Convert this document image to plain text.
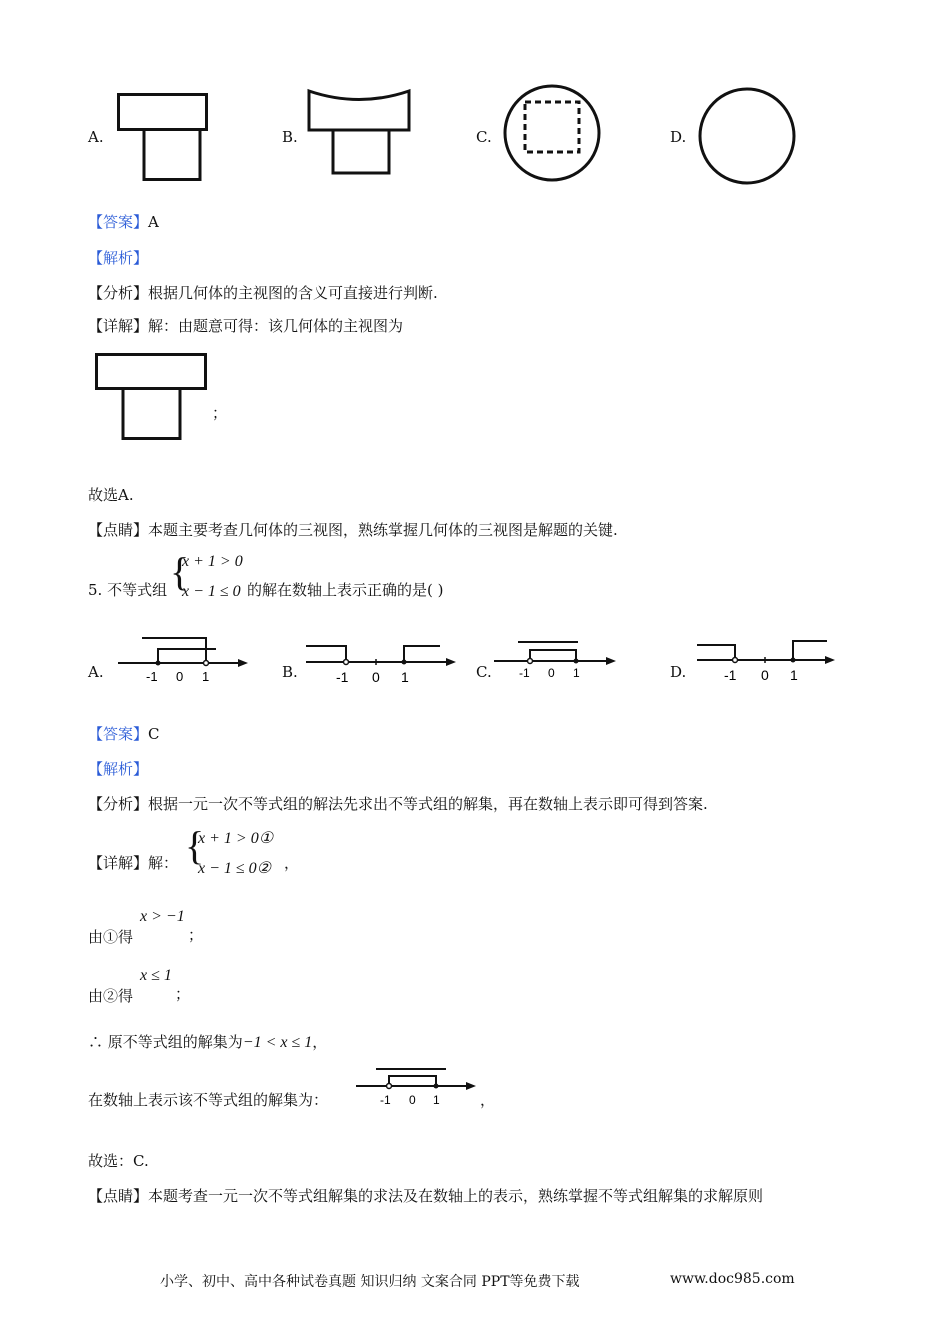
A.	B.	C.	D.
【答案】A
【解析】
【分析】根据几何体的主视图的含义可直接进行判断.
【详解】解：由题意可得：该几何体的主视图为
；
故选A.
【点睛】本题主要考查几何体的三视图，熟练掌握几何体的三视图是解题的关键.
5. 不等式组 {
x + 1 > 0
x − 1 ≤ 0 的解在数轴上表示正确的是( )
A.	-1 0 1	B.	-1 0 1	C. -1 0 1	D.	-1 0 1
【答案】C
【解析】
【分析】根据一元一次不等式组的解法先求出不等式组的解集，再在数轴上表示即可得到答案.
【详解】解： {
x + 1 > 0①
x − 1 ≤ 0② ，
由①得
x > −1
；
由②得
x ≤ 1
；
∴ 原不等式组的解集为−1 < x ≤ 1，
在数轴上表示该不等式组的解集为：	-1 0 1	，
故选：C.
【点睛】本题考查一元一次不等式组解集的求法及在数轴上的表示，熟练掌握不等式组解集的求解原则
小学、初中、高中各种试卷真题 知识归纳 文案合同 PPT等免费下载	www.doc985.com
